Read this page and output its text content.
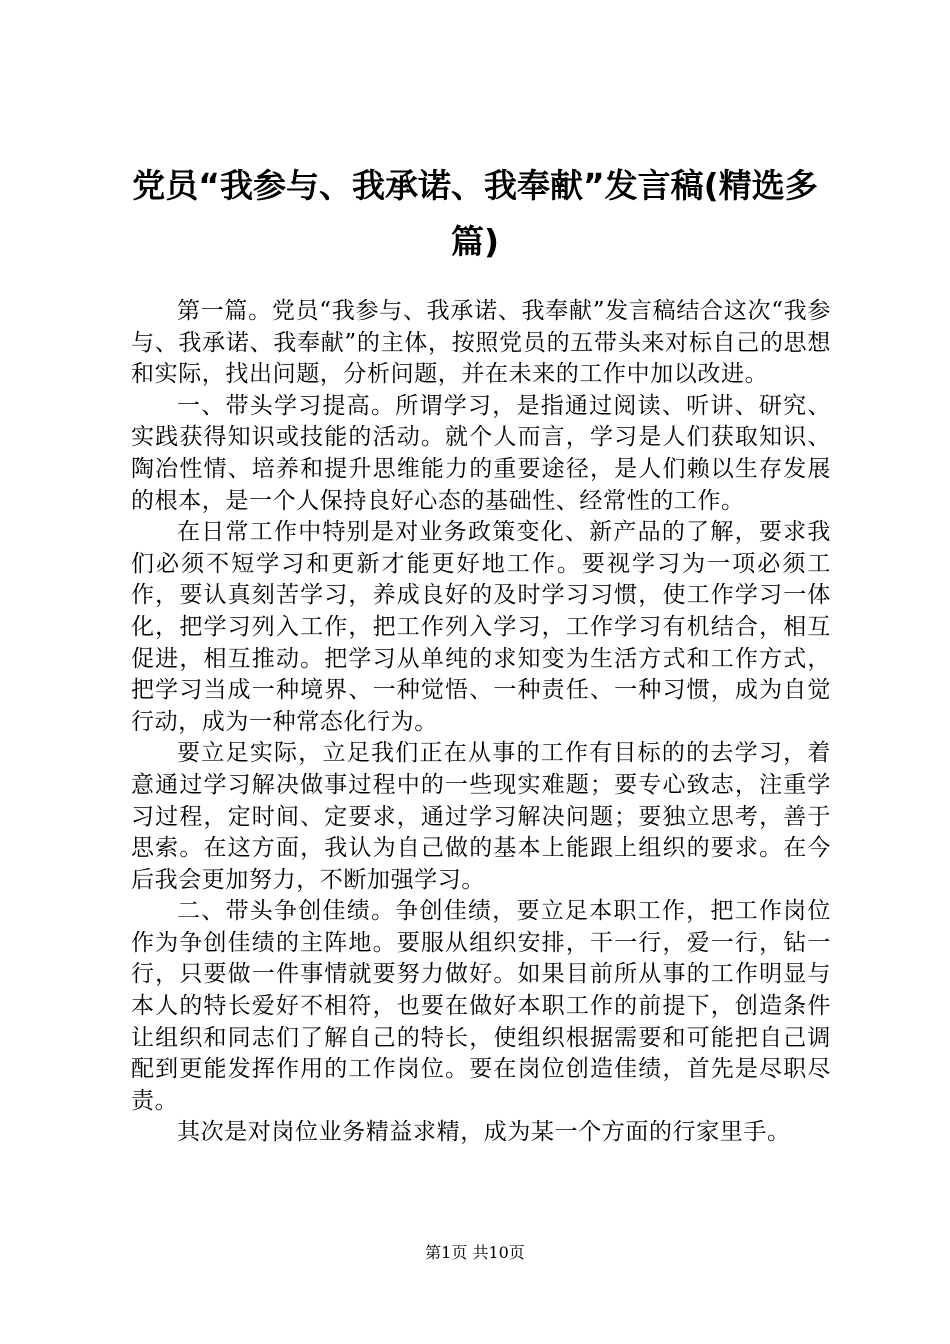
党员“我参与、我承诺、我奉献”发言稿(精选多篇)

第一篇。党员“我参与、我承诺、我奉献”发言稿结合这次“我参与、我承诺、我奉献”的主体，按照党员的五带头来对标自己的思想和实际，找出问题，分析问题，并在未来的工作中加以改进。

一、带头学习提高。所谓学习，是指通过阅读、听讲、研究、实践获得知识或技能的活动。就个人而言，学习是人们获取知识、陶冶性情、培养和提升思维能力的重要途径，是人们赖以生存发展的根本，是一个人保持良好心态的基础性、经常性的工作。

在日常工作中特别是对业务政策变化、新产品的了解，要求我们必须不短学习和更新才能更好地工作。要视学习为一项必须工作，要认真刻苦学习，养成良好的及时学习习惯，使工作学习一体化，把学习列入工作，把工作列入学习，工作学习有机结合，相互促进，相互推动。把学习从单纯的求知变为生活方式和工作方式，把学习当成一种境界、一种觉悟、一种责任、一种习惯，成为自觉行动，成为一种常态化行为。

要立足实际，立足我们正在从事的工作有目标的的去学习，着意通过学习解决做事过程中的一些现实难题；要专心致志，注重学习过程，定时间、定要求，通过学习解决问题；要独立思考，善于思索。在这方面，我认为自己做的基本上能跟上组织的要求。在今后我会更加努力，不断加强学习。

二、带头争创佳绩。争创佳绩，要立足本职工作，把工作岗位作为争创佳绩的主阵地。要服从组织安排，干一行，爱一行，钻一行，只要做一件事情就要努力做好。如果目前所从事的工作明显与本人的特长爱好不相符，也要在做好本职工作的前提下，创造条件让组织和同志们了解自己的特长，使组织根据需要和可能把自己调配到更能发挥作用的工作岗位。要在岗位创造佳绩，首先是尽职尽责。

其次是对岗位业务精益求精，成为某一个方面的行家里手。

第1页 共10页
